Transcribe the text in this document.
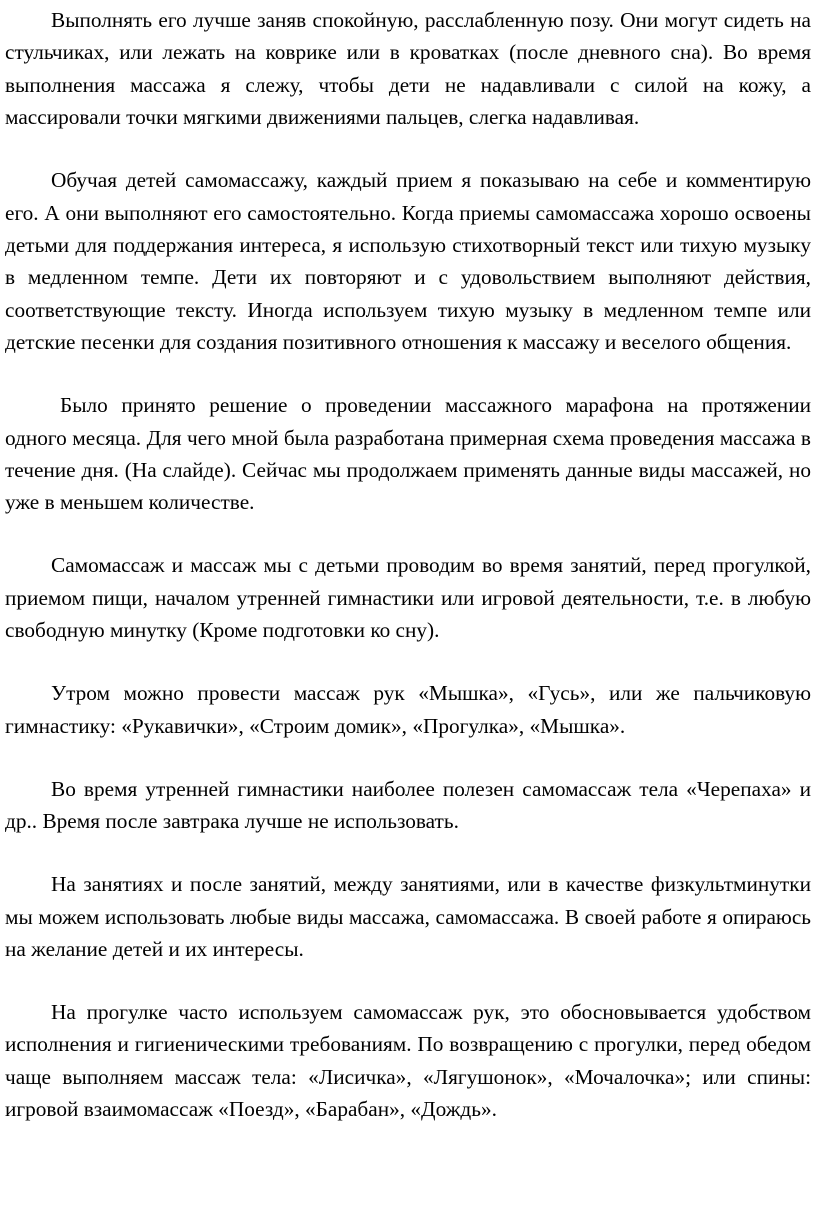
Выполнять его лучше заняв спокойную, расслабленную позу. Они могут сидеть на стульчиках, или лежать на коврике или в кроватках (после дневного сна). Во время выполнения массажа я слежу, чтобы дети не надавливали с силой на кожу, а массировали точки мягкими движениями пальцев, слегка надавливая.

Обучая детей самомассажу, каждый прием я показываю на себе и комментирую его. А они выполняют его самостоятельно. Когда приемы самомассажа хорошо освоены детьми для поддержания интереса, я использую стихотворный текст или тихую музыку в медленном темпе. Дети их повторяют и с удовольствием выполняют действия, соответствующие тексту. Иногда используем тихую музыку в медленном темпе или детские песенки для создания позитивного отношения к массажу и веселого общения.

Было принято решение о проведении массажного марафона на протяжении одного месяца. Для чего мной была разработана примерная схема проведения массажа в течение дня. (На слайде). Сейчас мы продолжаем применять данные виды массажей, но уже в меньшем количестве.

Самомассаж и массаж мы с детьми проводим во время занятий, перед прогулкой, приемом пищи, началом утренней гимнастики или игровой деятельности, т.е. в любую свободную минутку (Кроме подготовки ко сну).

Утром можно провести массаж рук «Мышка», «Гусь», или же пальчиковую гимнастику: «Рукавички», «Строим домик», «Прогулка», «Мышка».

Во время утренней гимнастики наиболее полезен самомассаж тела «Черепаха» и др.. Время после завтрака лучше не использовать.

На занятиях и после занятий, между занятиями, или в качестве физкультминутки мы можем использовать любые виды массажа, самомассажа. В своей работе я опираюсь на желание детей и их интересы.

На прогулке часто используем самомассаж рук, это обосновывается удобством исполнения и гигиеническими требованиям. По возвращению с прогулки, перед обедом чаще выполняем массаж тела: «Лисичка», «Лягушонок», «Мочалочка»; или спины: игровой взаимомассаж «Поезд», «Барабан», «Дождь».
